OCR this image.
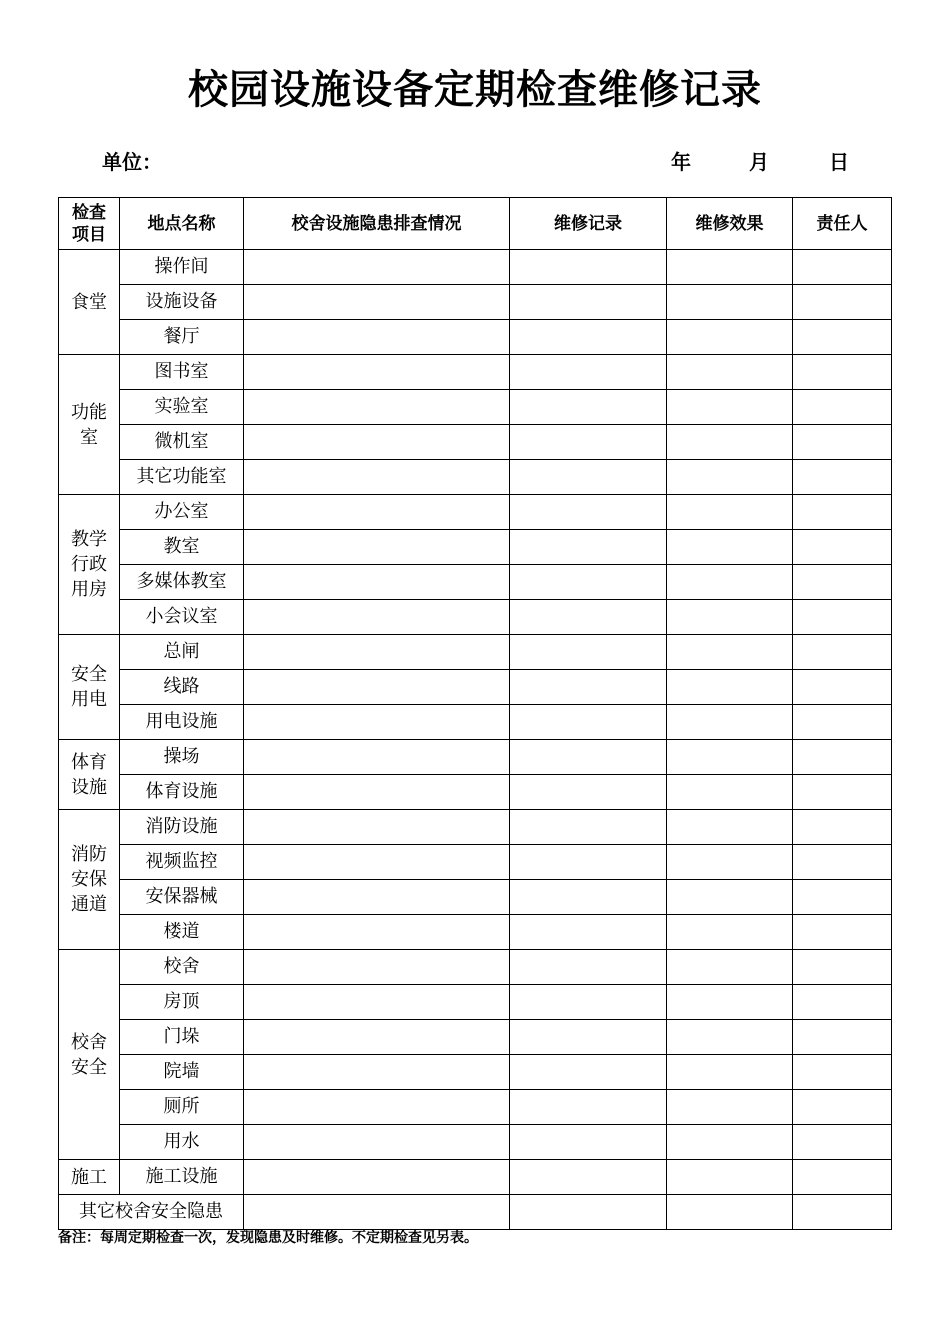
校园设施设备定期检查维修记录
单位：	年	月	日
检查项目	地点名称	校舍设施隐患排查情况	维修记录	维修效果	责任人

食堂	操作间				
	设施设备				
	餐厅				

功能室	图书室				
	实验室				
	微机室				
	其它功能室				

教学行政用房	办公室				
	教室				
	多媒体教室				
	小会议室				

安全用电	总闸				
	线路				
	用电设施				

体育设施	操场				
	体育设施				

消防安保通道	消防设施				
	视频监控				
	安保器械				
	楼道				

校舍安全	校舍				
	房顶				
	门垛				
	院墙				
	厕所				
	用水				

施工	施工设施				
其它校舍安全隐患					
备注：每周定期检查一次，发现隐患及时维修。不定期检查见另表。
